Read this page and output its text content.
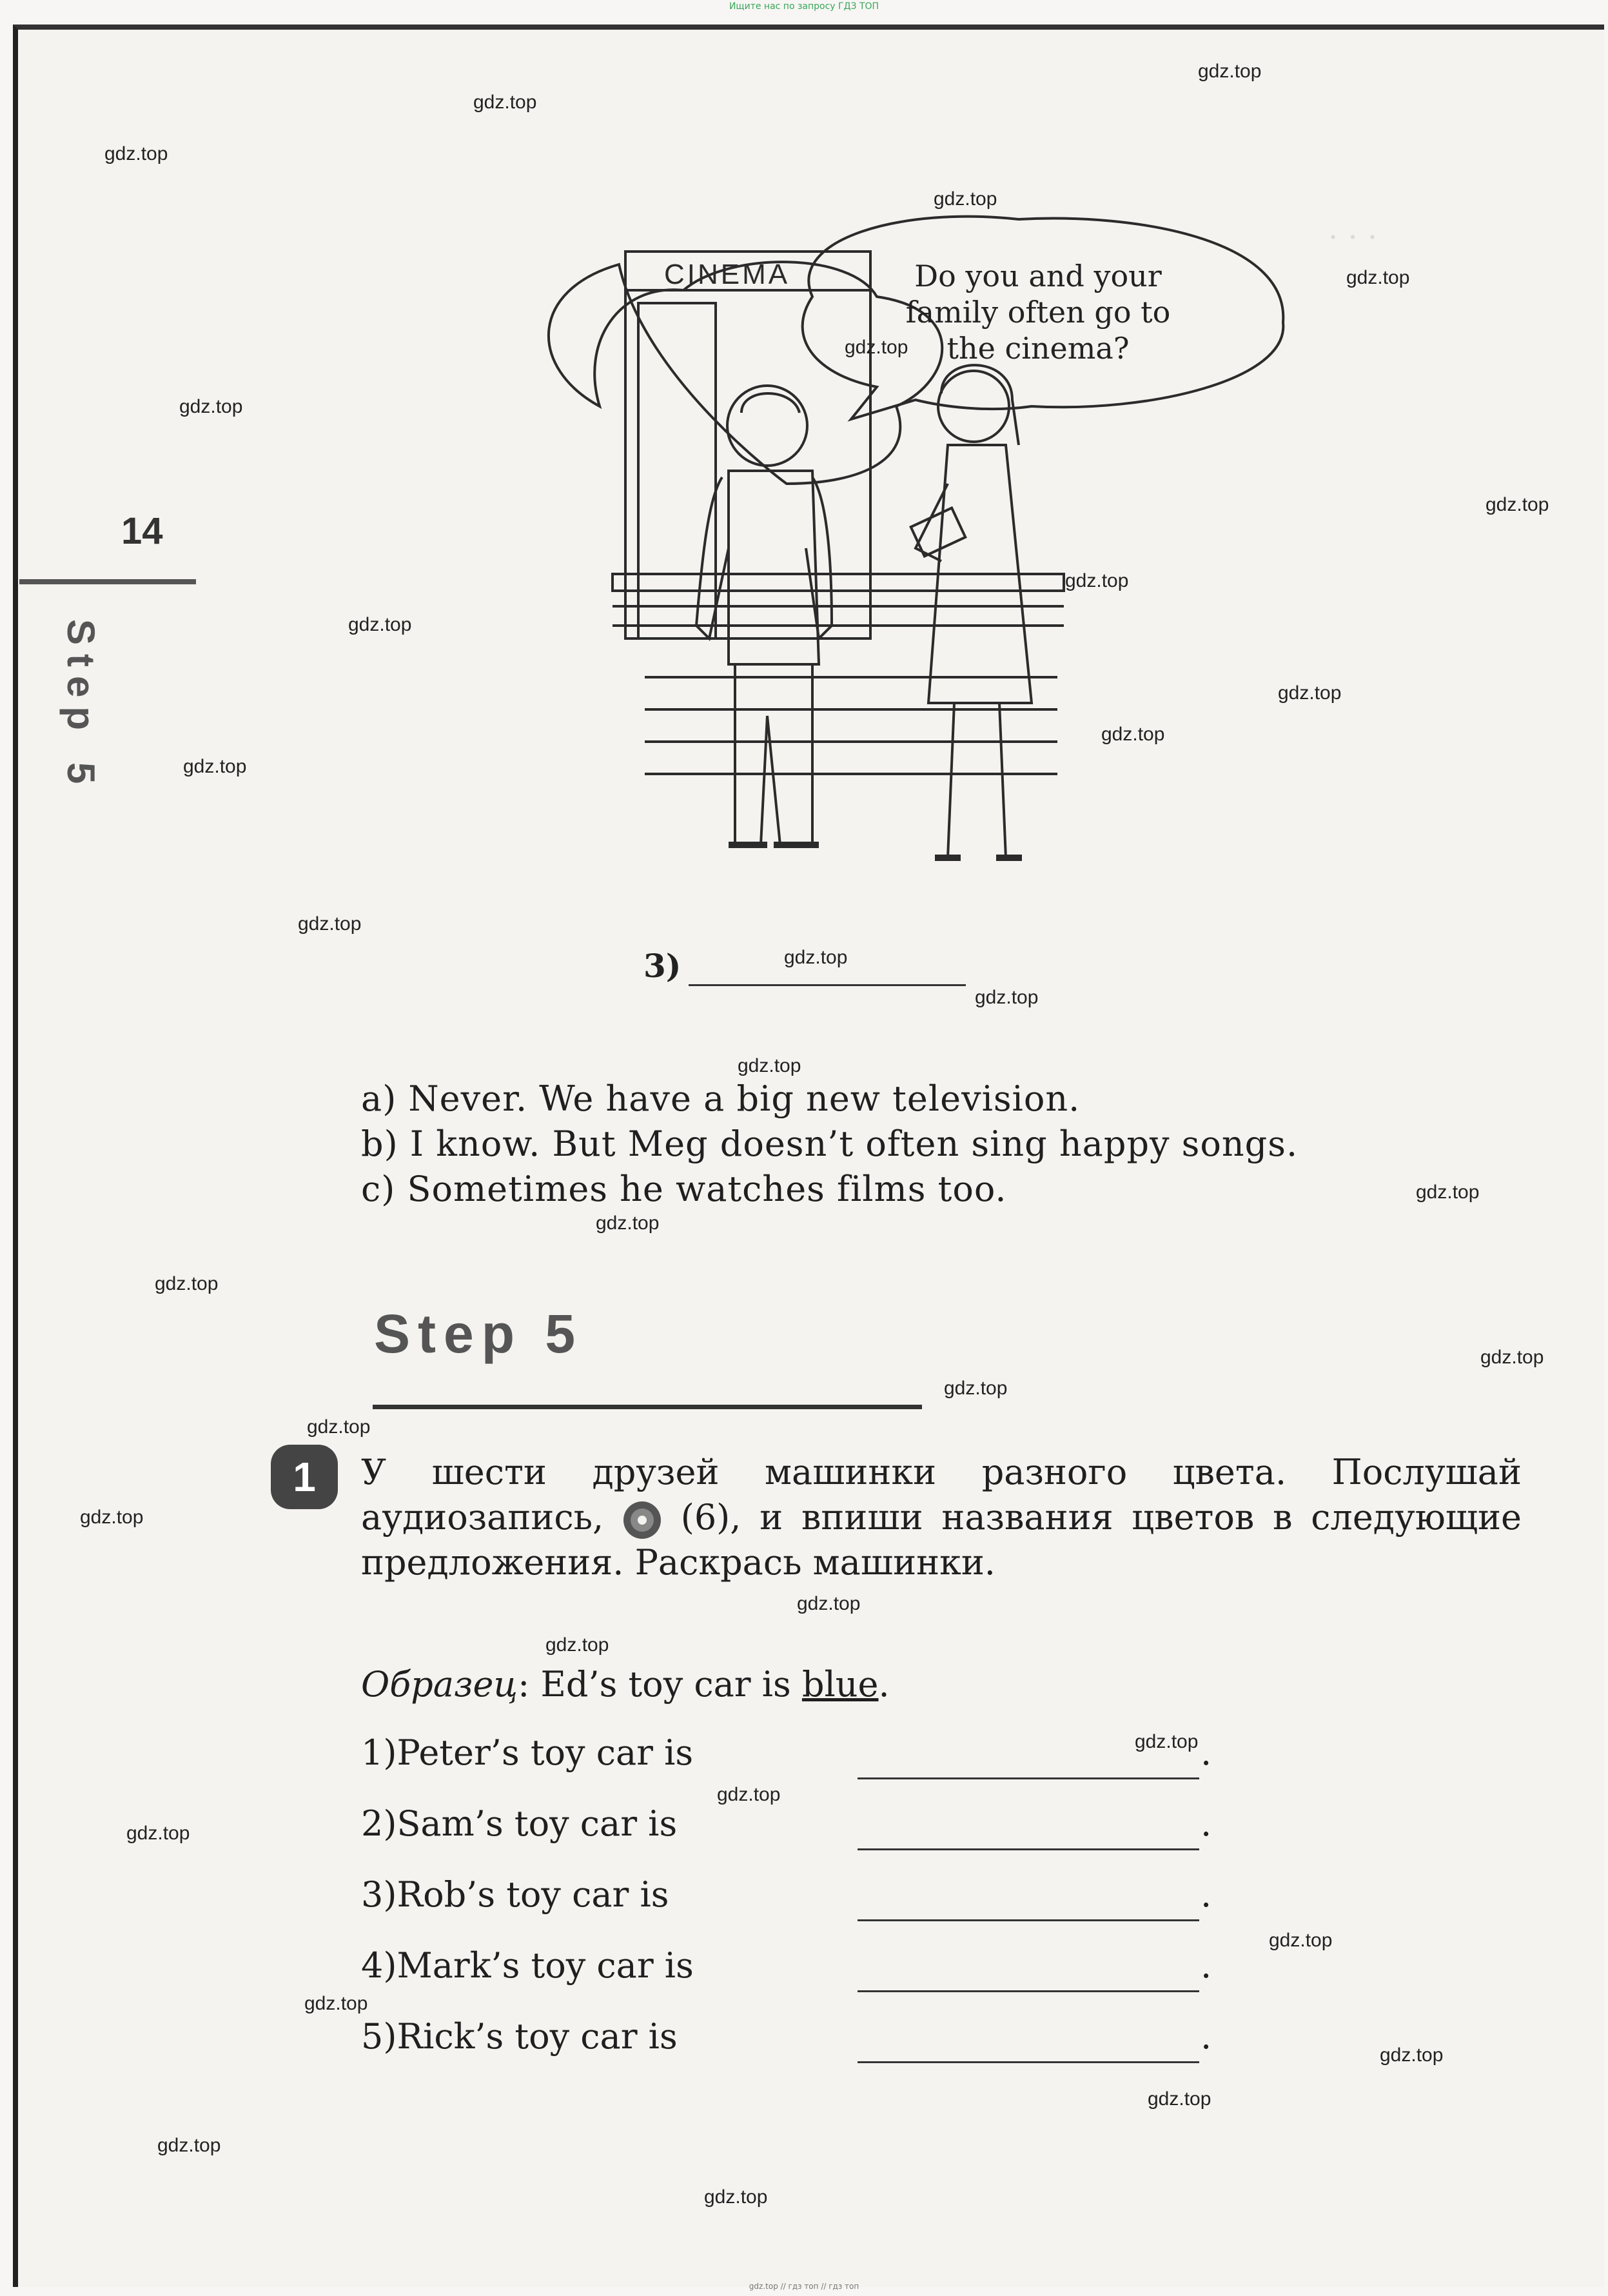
Ищите нас по запросу ГДЗ ТОП
· · ·
14
Step5
CINEMA	Do you and your
family often go to
the cinema?
3)
a) Never. We have a big new television.
b) I know. But Meg doesn’t often sing happy songs.
c) Sometimes he watches films too.
Step 5
1	У шести друзей машинки разного цвета. Послушай аудиозапись, (6), и впиши названия цветов в следующие предложения. Раскрась машинки.
Образец: Ed’s toy car is blue.
1)Peter’s toy car is	.
2)Sam’s toy car is	.
3)Rob’s toy car is	.
4)Mark’s toy car is	.
5)Rick’s toy car is	.
gdz.top
gdz.top
gdz.top
gdz.top
gdz.top
gdz.top
gdz.top
gdz.top
gdz.top
gdz.top
gdz.top
gdz.top
gdz.top
gdz.top
gdz.top
gdz.top
gdz.top
gdz.top
gdz.top
gdz.top
gdz.top
gdz.top
gdz.top
gdz.top
gdz.top
gdz.top
gdz.top
gdz.top
gdz.top
gdz.top
gdz.top
gdz.top
gdz.top
gdz.top
gdz.top
gdz.top // гдз топ // гдз топ
